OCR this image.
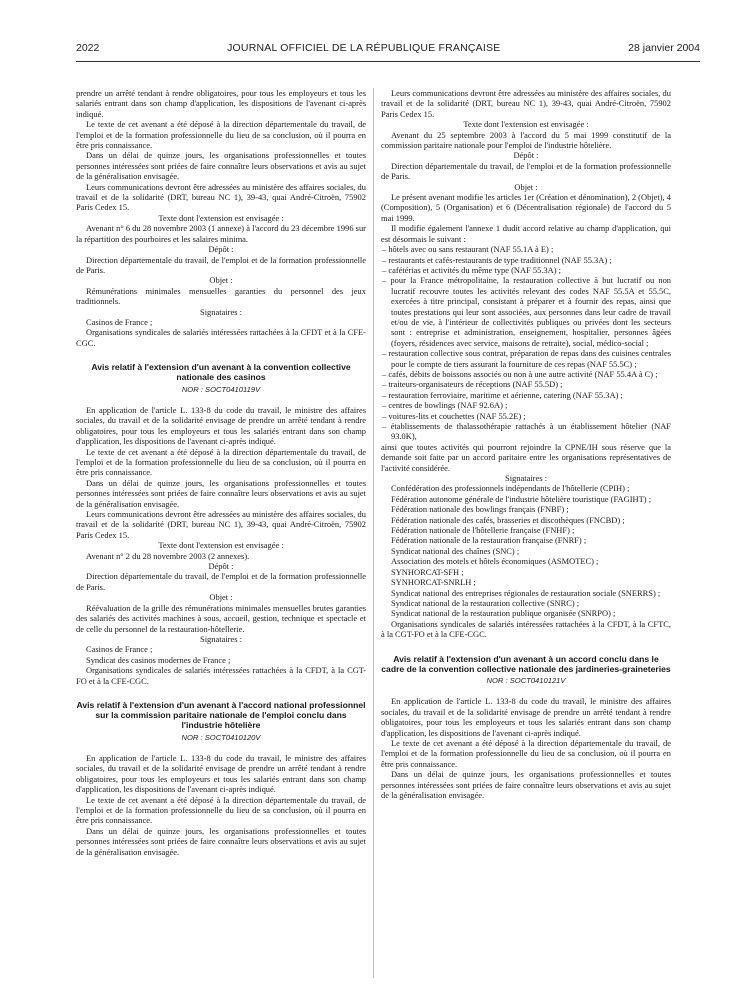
2022	JOURNAL OFFICIEL DE LA RÉPUBLIQUE FRANÇAISE	28 janvier 2004

prendre un arrêté tendant à rendre obligatoires, pour tous les employeurs et tous les salariés entrant dans son champ d'application, les dispositions de l'avenant ci-après indiqué.

Le texte de cet avenant a été déposé à la direction départementale du travail, de l'emploi et de la formation professionnelle du lieu de sa conclusion, où il pourra en être pris connaissance.

Dans un délai de quinze jours, les organisations professionnelles et toutes personnes intéressées sont priées de faire connaître leurs observations et avis au sujet de la généralisation envisagée.

Leurs communications devront être adressées au ministère des affaires sociales, du travail et de la solidarité (DRT, bureau NC 1), 39-43, quai André-Citroën, 75902 Paris Cedex 15.

Texte dont l'extension est envisagée :

Avenant n° 6 du 28 novembre 2003 (1 annexe) à l'accord du 23 décembre 1996 sur la répartition des pourboires et les salaires minima.

Dépôt :

Direction départementale du travail, de l'emploi et de la formation professionnelle de Paris.

Objet :

Rémunérations minimales mensuelles garanties du personnel des jeux traditionnels.

Signataires :

Casinos de France ;

Organisations syndicales de salariés intéressées rattachées à la CFDT et à la CFE-CGC.

Avis relatif à l'extension d'un avenant à la convention collective nationale des casinos

NOR : SOCT0410119V

En application de l'article L. 133-8 du code du travail, le ministre des affaires sociales, du travail et de la solidarité envisage de prendre un arrêté tendant à rendre obligatoires, pour tous les employeurs et tous les salariés entrant dans son champ d'application, les dispositions de l'avenant ci-après indiqué.

Le texte de cet avenant a été déposé à la direction départementale du travail, de l'emploi et de la formation professionnelle du lieu de sa conclusion, où il pourra en être pris connaissance.

Dans un délai de quinze jours, les organisations professionnelles et toutes personnes intéressées sont priées de faire connaître leurs observations et avis au sujet de la généralisation envisagée.

Leurs communications devront être adressées au ministère des affaires sociales, du travail et de la solidarité (DRT, bureau NC 1), 39-43, quai André-Citroën, 75902 Paris Cedex 15.

Texte dont l'extension est envisagée :

Avenant n° 2 du 28 novembre 2003 (2 annexes).

Dépôt :

Direction départementale du travail, de l'emploi et de la formation professionnelle de Paris.

Objet :

Réévaluation de la grille des rémunérations minimales mensuelles brutes garanties des salariés des activités machines à sous, accueil, gestion, technique et spectacle et de celle du personnel de la restauration-hôtellerie.

Signataires :

Casinos de France ;

Syndicat des casinos modernes de France ;

Organisations syndicales de salariés intéressées rattachées à la CFDT, à la CGT-FO et à la CFE-CGC.

Avis relatif à l'extension d'un avenant à l'accord national professionnel sur la commission paritaire nationale de l'emploi conclu dans l'industrie hôtelière

NOR : SOCT0410120V

En application de l'article L. 133-8 du code du travail, le ministre des affaires sociales, du travail et de la solidarité envisage de prendre un arrêté tendant à rendre obligatoires, pour tous les employeurs et tous les salariés entrant dans son champ d'application, les dispositions de l'avenant ci-après indiqué.

Le texte de cet avenant a été déposé à la direction départementale du travail, de l'emploi et de la formation professionnelle du lieu de sa conclusion, où il pourra en être pris connaissance.

Dans un délai de quinze jours, les organisations professionnelles et toutes personnes intéressées sont priées de faire connaître leurs observations et avis au sujet de la généralisation envisagée.

Leurs communications devront être adressées au ministère des affaires sociales, du travail et de la solidarité (DRT, bureau NC 1), 39-43, quai André-Citroën, 75902 Paris Cedex 15.

Texte dont l'extension est envisagée :

Avenant du 25 septembre 2003 à l'accord du 5 mai 1999 constitutif de la commission paritaire nationale pour l'emploi de l'industrie hôtelière.

Dépôt :

Direction départementale du travail, de l'emploi et de la formation professionnelle de Paris.

Objet :

Le présent avenant modifie les articles 1er (Création et dénomination), 2 (Objet), 4 (Composition), 5 (Organisation) et 6 (Décentralisation régionale) de l'accord du 5 mai 1999.

Il modifie également l'annexe 1 dudit accord relative au champ d'application, qui est désormais le suivant :

– hôtels avec ou sans restaurant (NAF 55.1A à E) ;

– restaurants et cafés-restaurants de type traditionnel (NAF 55.3A) ;

– cafétérias et activités du même type (NAF 55.3A) ;

– pour la France métropolitaine, la restauration collective à but lucratif ou non lucratif recouvre toutes les activités relevant des codes NAF 55.5A et 55.5C, exercées à titre principal, consistant à préparer et à fournir des repas, ainsi que toutes prestations qui leur sont associées, aux personnes dans leur cadre de travail et/ou de vie, à l'intérieur de collectivités publiques ou privées dont les secteurs sont : entreprise et administration, enseignement, hospitalier, personnes âgées (foyers, résidences avec service, maisons de retraite), social, médico-social ;

– restauration collective sous contrat, préparation de repas dans des cuisines centrales pour le compte de tiers assurant la fourniture de ces repas (NAF 55.5C) ;

– cafés, débits de boissons associés ou non à une autre activité (NAF 55.4A à C) ;

– traiteurs-organisateurs de réceptions (NAF 55.5D) ;

– restauration ferroviaire, maritime et aérienne, catering (NAF 55.3A) ;

– centres de bowlings (NAF 92.6A) ;

– voitures-lits et couchettes (NAF 55.2E) ;

– établissements de thalassothérapie rattachés à un établissement hôtelier (NAF 93.0K),

ainsi que toutes activités qui pourront rejoindre la CPNE/IH sous réserve que la demande soit faite par un accord paritaire entre les organisations représentatives de l'activité considérée.

Signataires :

Confédération des professionnels indépendants de l'hôtellerie (CPIH) ;

Fédération autonome générale de l'industrie hôtelière touristique (FAGIHT) ;

Fédération nationale des bowlings français (FNBF) ;

Fédération nationale des cafés, brasseries et discothèques (FNCBD) ;

Fédération nationale de l'hôtellerie française (FNHF) ;

Fédération nationale de la restauration française (FNRF) ;

Syndicat national des chaînes (SNC) ;

Association des motels et hôtels économiques (ASMOTEC) ;

SYNHORCAT-SFH ;

SYNHORCAT-SNRLH ;

Syndicat national des entreprises régionales de restauration sociale (SNERRS) ;

Syndicat national de la restauration collective (SNRC) ;

Syndicat national de la restauration publique organisée (SNRPO) ;

Organisations syndicales de salariés intéressées rattachées à la CFDT, à la CFTC, à la CGT-FO et à la CFE-CGC.

Avis relatif à l'extension d'un avenant à un accord conclu dans le cadre de la convention collective nationale des jardineries-graineteries

NOR : SOCT0410121V

En application de l'article L. 133-8 du code du travail, le ministre des affaires sociales, du travail et de la solidarité envisage de prendre un arrêté tendant à rendre obligatoires, pour tous les employeurs et tous les salariés entrant dans son champ d'application, les dispositions de l'avenant ci-après indiqué.

Le texte de cet avenant a été déposé à la direction départementale du travail, de l'emploi et de la formation professionnelle du lieu de sa conclusion, où il pourra en être pris connaissance.

Dans un délai de quinze jours, les organisations professionnelles et toutes personnes intéressées sont priées de faire connaître leurs observations et avis au sujet de la généralisation envisagée.
